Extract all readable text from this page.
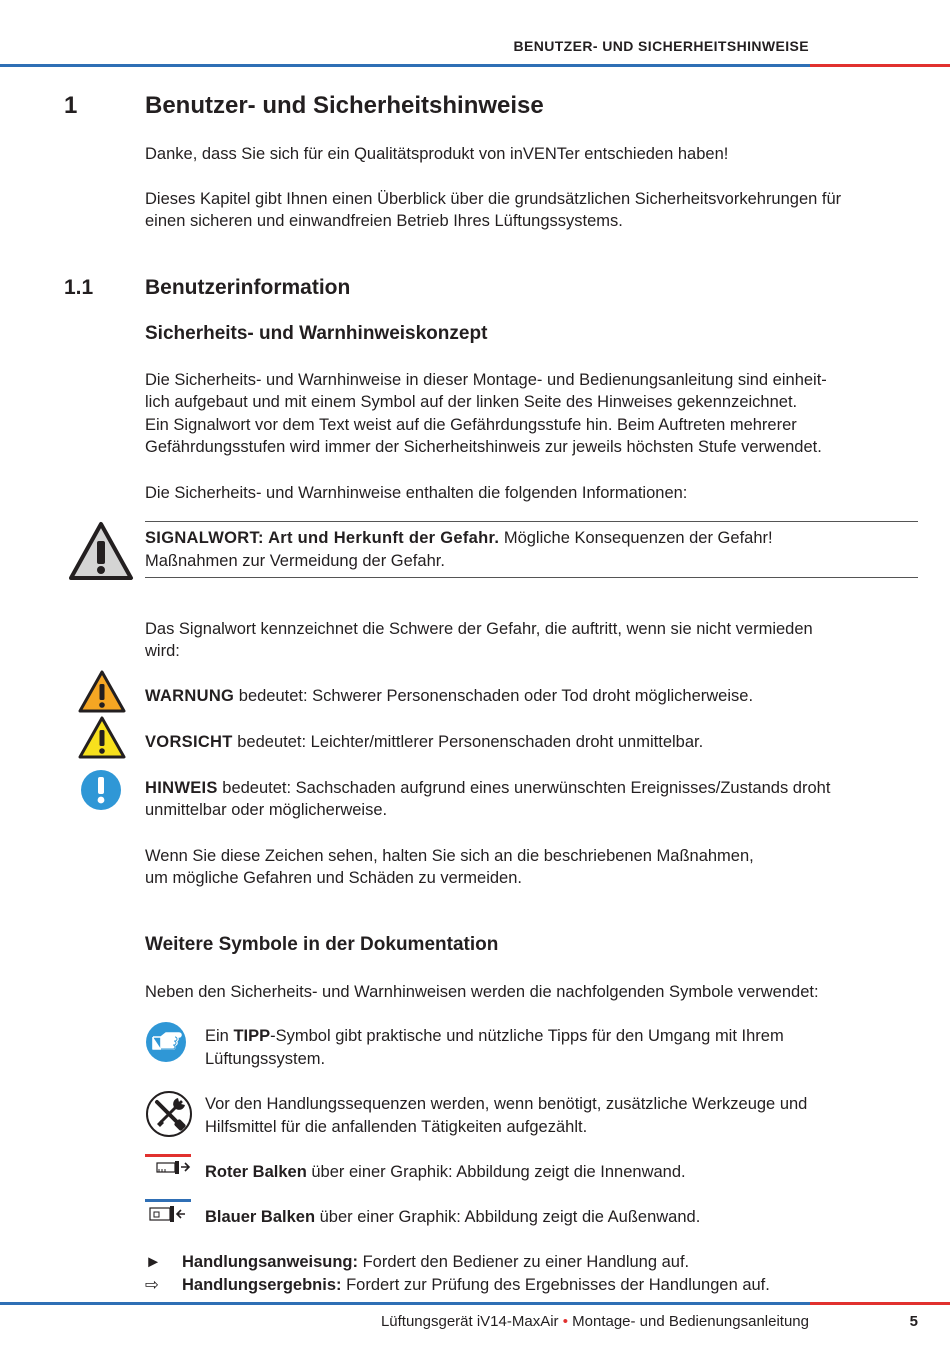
BENUTZER- UND SICHERHEITSHINWEISE
1	Benutzer- und Sicherheitshinweise
Danke, dass Sie sich für ein Qualitätsprodukt von inVENTer entschieden haben!
Dieses Kapitel gibt Ihnen einen Überblick über die grundsätzlichen Sicherheitsvorkehrungen für
einen sicheren und einwandfreien Betrieb Ihres Lüftungssystems.
1.1 Benutzerinformation
Sicherheits- und Warnhinweiskonzept
Die Sicherheits- und Warnhinweise in dieser Montage- und Bedienungsanleitung sind einheit-
lich aufgebaut und mit einem Symbol auf der linken Seite des Hinweises gekennzeichnet.
Ein Signalwort vor dem Text weist auf die Gefährdungsstufe hin. Beim Auftreten mehrerer
Gefährdungsstufen wird immer der Sicherheitshinweis zur jeweils höchsten Stufe verwendet.
Die Sicherheits- und Warnhinweise enthalten die folgenden Informationen:
SIGNALWORT: Art und Herkunft der Gefahr. Mögliche Konsequenzen der Gefahr!
Maßnahmen zur Vermeidung der Gefahr.
Das Signalwort kennzeichnet die Schwere der Gefahr, die auftritt, wenn sie nicht vermieden
wird:
WARNUNG bedeutet: Schwerer Personenschaden oder Tod droht möglicherweise.
VORSICHT bedeutet: Leichter/mittlerer Personenschaden droht unmittelbar.
HINWEIS bedeutet: Sachschaden aufgrund eines unerwünschten Ereignisses/Zustands droht
unmittelbar oder möglicherweise.
Wenn Sie diese Zeichen sehen, halten Sie sich an die beschriebenen Maßnahmen,
um mögliche Gefahren und Schäden zu vermeiden.
Weitere Symbole in der Dokumentation
Neben den Sicherheits- und Warnhinweisen werden die nachfolgenden Symbole verwendet:
Ein TIPP-Symbol gibt praktische und nützliche Tipps für den Umgang mit Ihrem
Lüftungssystem.
Vor den Handlungssequenzen werden, wenn benötigt, zusätzliche Werkzeuge und
Hilfsmittel für die anfallenden Tätigkeiten aufgezählt.
Roter Balken über einer Graphik: Abbildung zeigt die Innenwand.
Blauer Balken über einer Graphik: Abbildung zeigt die Außenwand.
► Handlungsanweisung: Fordert den Bediener zu einer Handlung auf.
⇨ Handlungsergebnis: Fordert zur Prüfung des Ergebnisses der Handlungen auf.
Lüftungsgerät iV14-MaxAir • Montage- und Bedienungsanleitung	5
